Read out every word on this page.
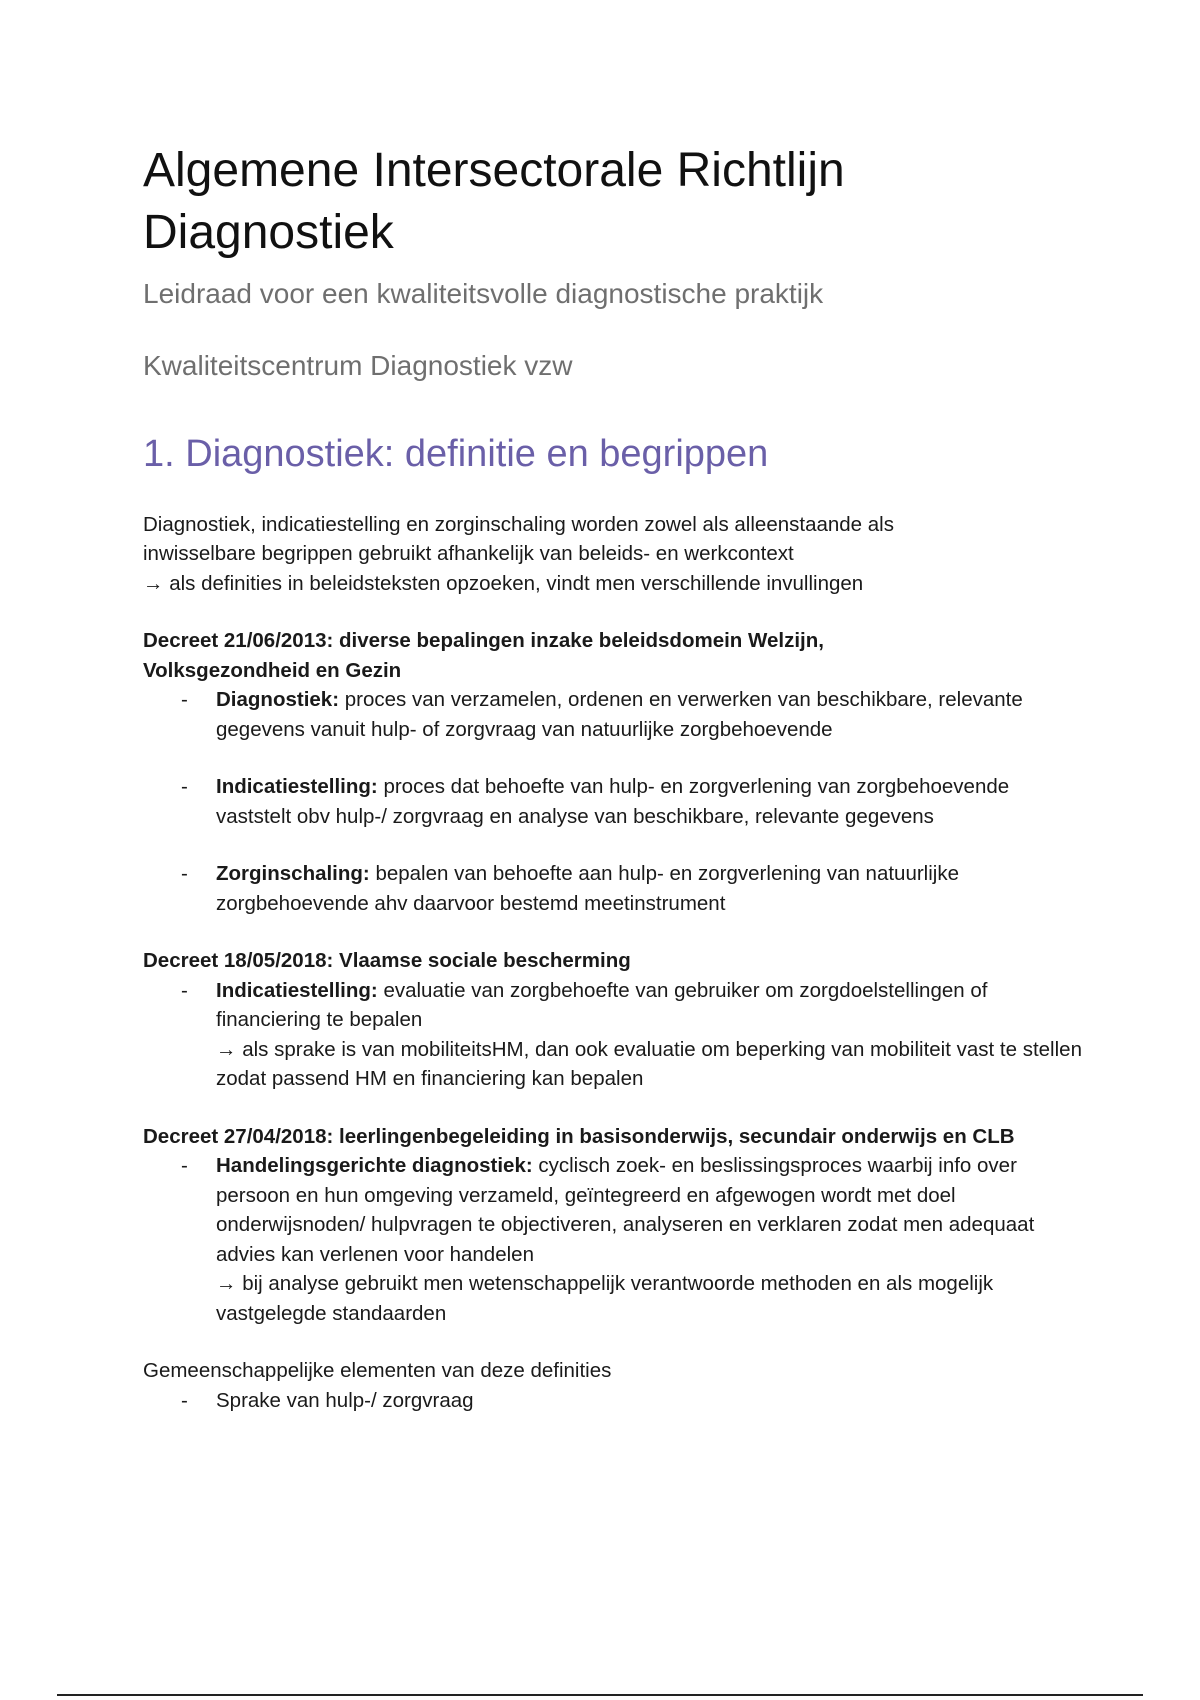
Algemene Intersectorale Richtlijn
Diagnostiek
Leidraad voor een kwaliteitsvolle diagnostische praktijk
Kwaliteitscentrum Diagnostiek vzw
1. Diagnostiek: definitie en begrippen
Diagnostiek, indicatiestelling en zorginschaling worden zowel als alleenstaande als
inwisselbare begrippen gebruikt afhankelijk van beleids- en werkcontext
→ als definities in beleidsteksten opzoeken, vindt men verschillende invullingen
Decreet 21/06/2013: diverse bepalingen inzake beleidsdomein Welzijn, Volksgezondheid en Gezin
- Diagnostiek: proces van verzamelen, ordenen en verwerken van beschikbare, relevante gegevens vanuit hulp- of zorgvraag van natuurlijke zorgbehoevende
- Indicatiestelling: proces dat behoefte van hulp- en zorgverlening van zorgbehoevende vaststelt obv hulp-/ zorgvraag en analyse van beschikbare, relevante gegevens
- Zorginschaling: bepalen van behoefte aan hulp- en zorgverlening van natuurlijke zorgbehoevende ahv daarvoor bestemd meetinstrument
Decreet 18/05/2018: Vlaamse sociale bescherming
- Indicatiestelling: evaluatie van zorgbehoefte van gebruiker om zorgdoelstellingen of financiering te bepalen
→ als sprake is van mobiliteitsHM, dan ook evaluatie om beperking van mobiliteit vast te stellen zodat passend HM en financiering kan bepalen
Decreet 27/04/2018: leerlingenbegeleiding in basisonderwijs, secundair onderwijs en CLB
- Handelingsgerichte diagnostiek: cyclisch zoek- en beslissingsproces waarbij info over persoon en hun omgeving verzameld, geïntegreerd en afgewogen wordt met doel onderwijsnoden/ hulpvragen te objectiveren, analyseren en verklaren zodat men adequaat advies kan verlenen voor handelen
→ bij analyse gebruikt men wetenschappelijk verantwoorde methoden en als mogelijk vastgelegde standaarden
Gemeenschappelijke elementen van deze definities
- Sprake van hulp-/ zorgvraag
